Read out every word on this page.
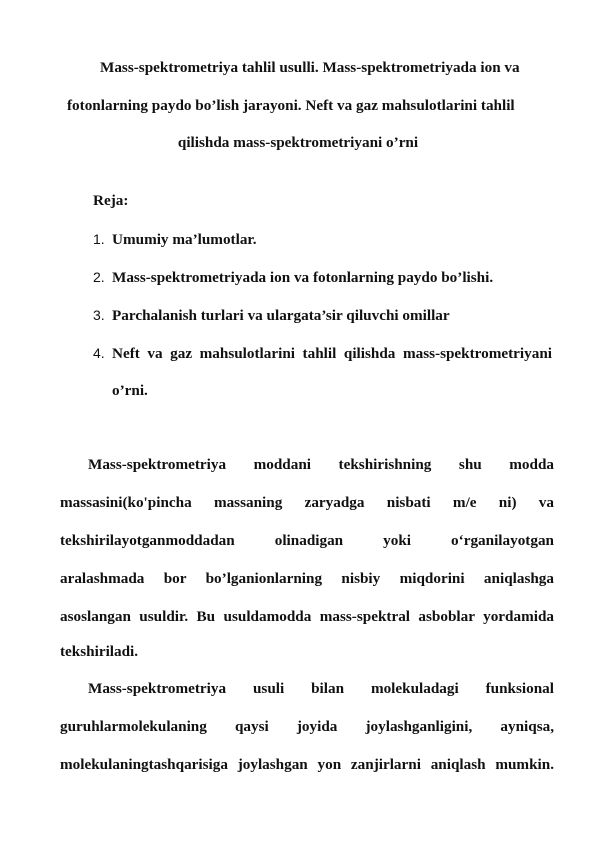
Mass-spektrometriya tahlil usulli. Mass-spektrometriyada ion va
fotonlarning paydo bo’lish jarayoni. Neft va gaz mahsulotlarini tahlil
qilishda mass-spektrometriyani o’rni
Reja:
1. Umumiy ma’lumotlar.
2. Mass-spektrometriyada ion va fotonlarning paydo bo’lishi.
3. Parchalanish turlari va ulargata’sir qiluvchi omillar
4. Neft va gaz mahsulotlarini tahlil qilishda mass-spektrometriyani
o’rni.
Mass-spektrometriya moddani tekshirishning shu modda
massasini(ko'pincha massaning zaryadga nisbati m/e ni) va
tekshirilayotganmoddadan olinadigan yoki o‘rganilayotgan
aralashmada bor bo’lganionlarning nisbiy miqdorini aniqlashga
asoslangan usuldir. Bu usuldamodda mass-spektral asboblar yordamida
tekshiriladi.
Mass-spektrometriya usuli bilan molekuladagi funksional
guruhlarmolekulaning qaysi joyida joylashganligini, ayniqsa,
molekulaningtashqarisiga joylashgan yon zanjirlarni aniqlash mumkin.
